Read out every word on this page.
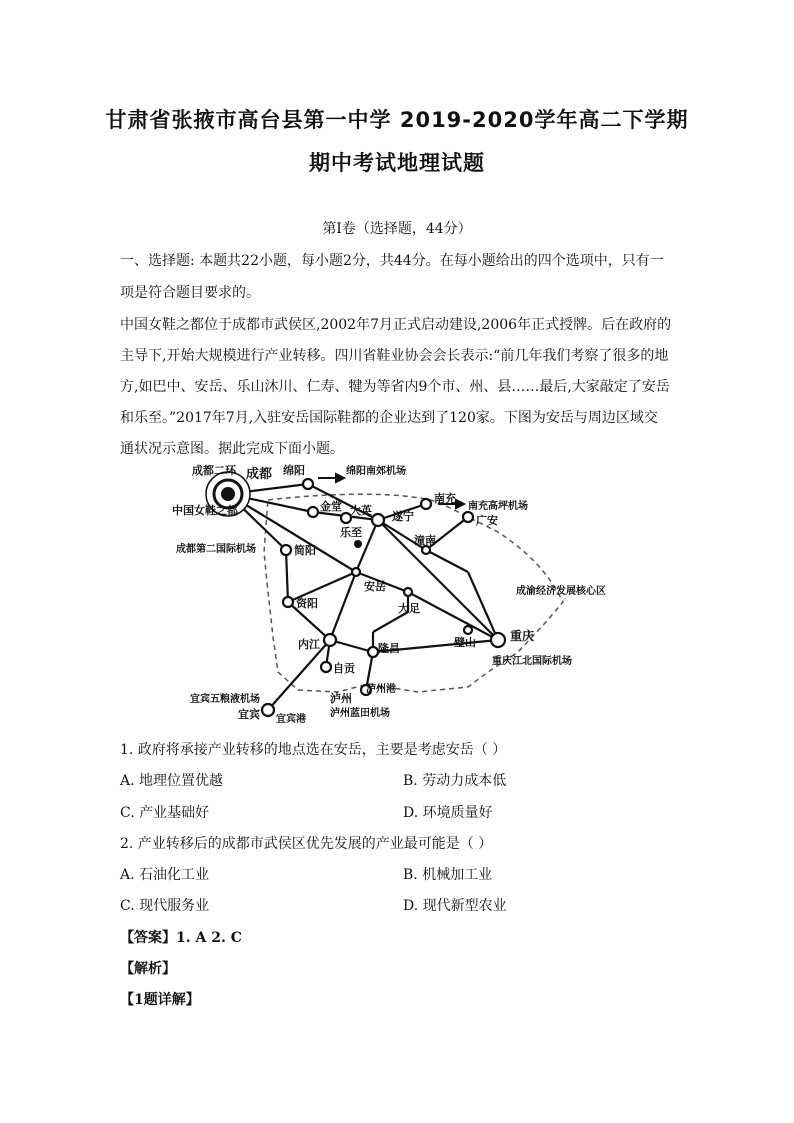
甘肃省张掖市高台县第一中学 2019-2020学年高二下学期
期中考试地理试题
第Ⅰ卷（选择题，44分）
一、选择题: 本题共22小题，每小题2分，共44分。在每小题给出的四个选项中，只有一
项是符合题目要求的。
中国女鞋之都位于成都市武侯区,2002年7月正式启动建设,2006年正式授牌。后在政府的
主导下,开始大规模进行产业转移。四川省鞋业协会会长表示:“前几年我们考察了很多的地
方,如巴中、安岳、乐山沐川、仁寿、犍为等省内9个市、州、县……最后,大家敲定了安岳
和乐至。”2017年7月,入驻安岳国际鞋都的企业达到了120家。下图为安岳与周边区域交
通状况示意图。据此完成下面小题。
成都二环 成都
中国女鞋之都
绵阳	绵阳南郊机场
金堂 大英
乐至
遂宁
南充
南充高坪机场
广安
潼南
简阳
成都第二国际机场
资阳
安岳
大足
成渝经济发展核心区
璧山	重庆
重庆江北国际机场
内江	隆昌
自贡
泸州
泸州港
泸州蓝田机场
宜宾五粮液机场
宜宾 宜宾港
1. 政府将承接产业转移的地点选在安岳，主要是考虑安岳（ ）
A. 地理位置优越	B. 劳动力成本低
C. 产业基础好	D. 环境质量好
2. 产业转移后的成都市武侯区优先发展的产业最可能是（ ）
A. 石油化工业	B. 机械加工业
C. 现代服务业	D. 现代新型农业
【答案】1. A 2. C
【解析】
【1题详解】
